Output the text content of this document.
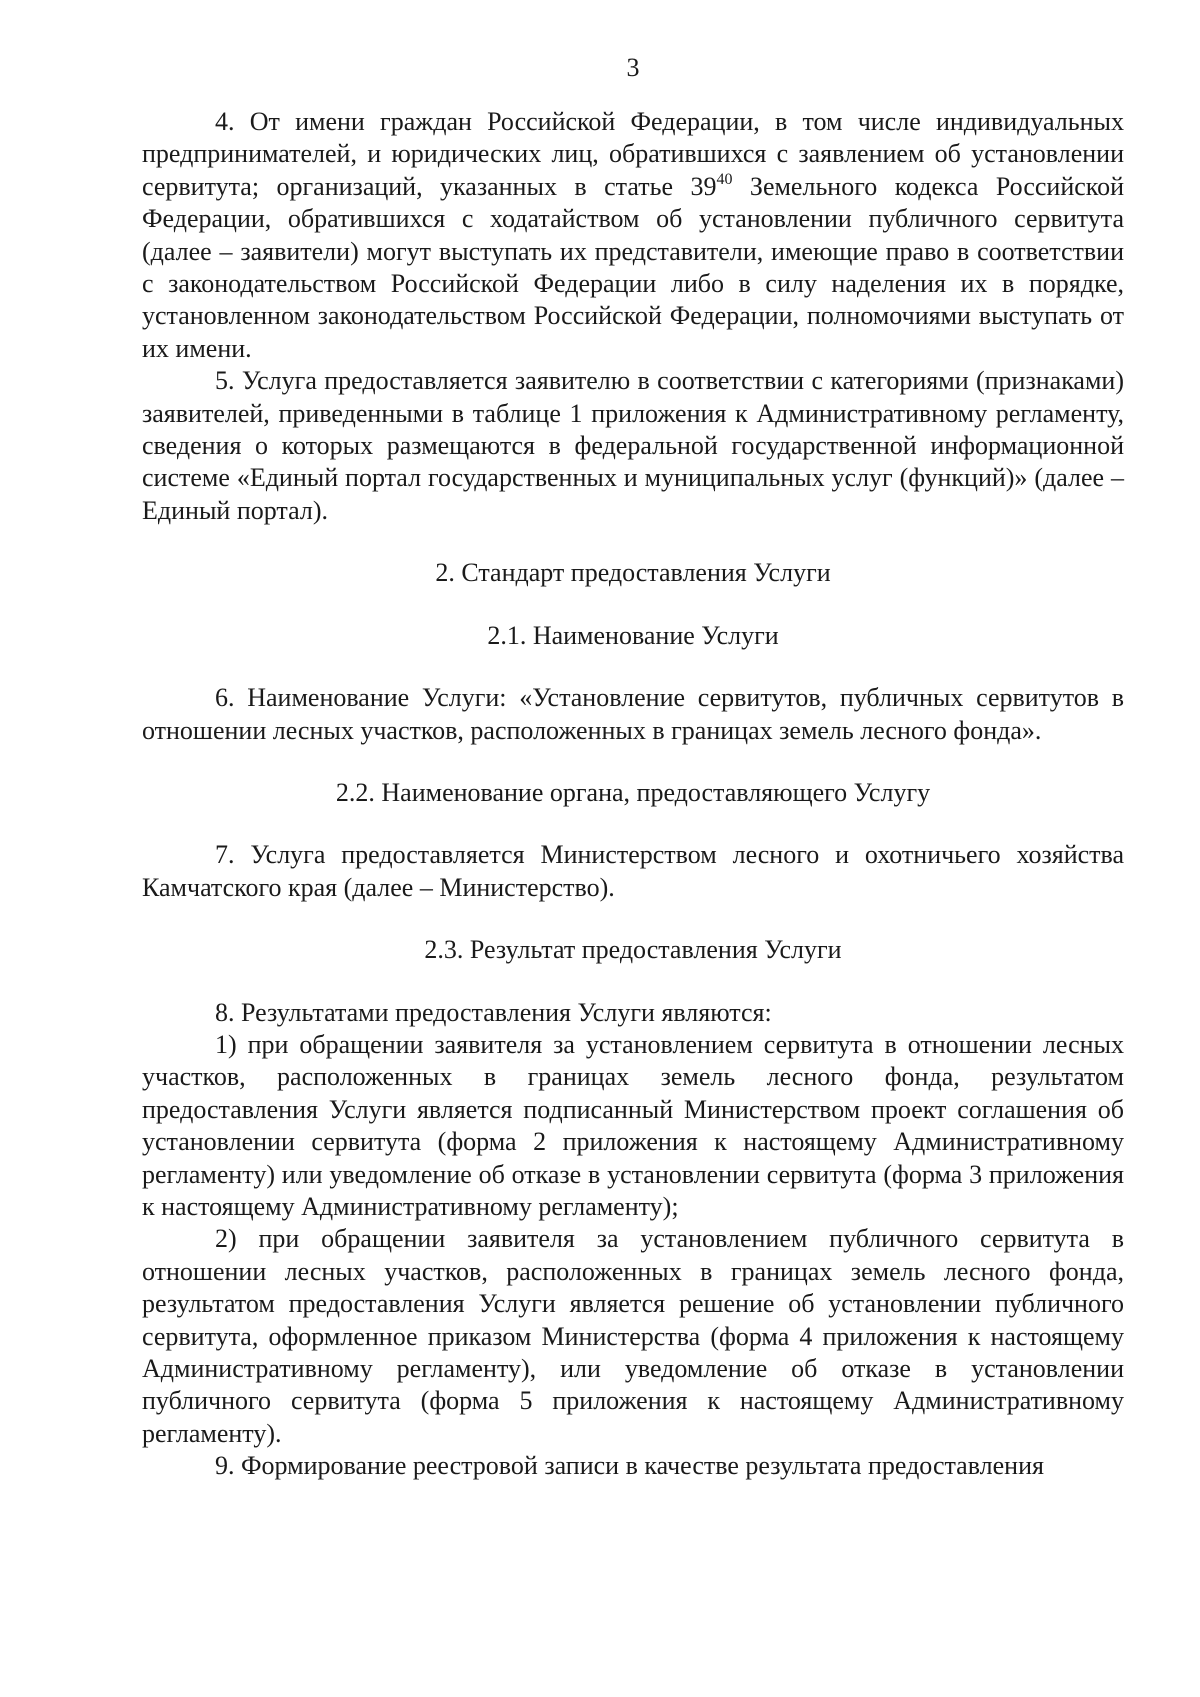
3

4. От имени граждан Российской Федерации, в том числе индивидуальных предпринимателей, и юридических лиц, обратившихся с заявлением об установлении сервитута; организаций, указанных в статье $39^{40}$ Земельного кодекса Российской Федерации, обратившихся с ходатайством об установлении публичного сервитута (далее – заявители) могут выступать их представители, имеющие право в соответствии с законодательством Российской Федерации либо в силу наделения их в порядке, установленном законодательством Российской Федерации, полномочиями выступать от их имени.

5. Услуга предоставляется заявителю в соответствии с категориями (признаками) заявителей, приведенными в таблице 1 приложения к Административному регламенту, сведения о которых размещаются в федеральной государственной информационной системе «Единый портал государственных и муниципальных услуг (функций)» (далее – Единый портал).

2. Стандарт предоставления Услуги
2.1. Наименование Услуги

6. Наименование Услуги: «Установление сервитутов, публичных сервитутов в отношении лесных участков, расположенных в границах земель лесного фонда».

2.2. Наименование органа, предоставляющего Услугу

7. Услуга предоставляется Министерством лесного и охотничьего хозяйства Камчатского края (далее – Министерство).

2.3. Результат предоставления Услуги

8. Результатами предоставления Услуги являются:

1) при обращении заявителя за установлением сервитута в отношении лесных участков, расположенных в границах земель лесного фонда, результатом предоставления Услуги является подписанный Министерством проект соглашения об установлении сервитута (форма 2 приложения к настоящему Административному регламенту) или уведомление об отказе в установлении сервитута (форма 3 приложения к настоящему Административному регламенту);

2) при обращении заявителя за установлением публичного сервитута в отношении лесных участков, расположенных в границах земель лесного фонда, результатом предоставления Услуги является решение об установлении публичного сервитута, оформленное приказом Министерства (форма 4 приложения к настоящему Административному регламенту), или уведомление об отказе в установлении публичного сервитута (форма 5 приложения к настоящему Административному регламенту).

9. Формирование реестровой записи в качестве результата предоставления
